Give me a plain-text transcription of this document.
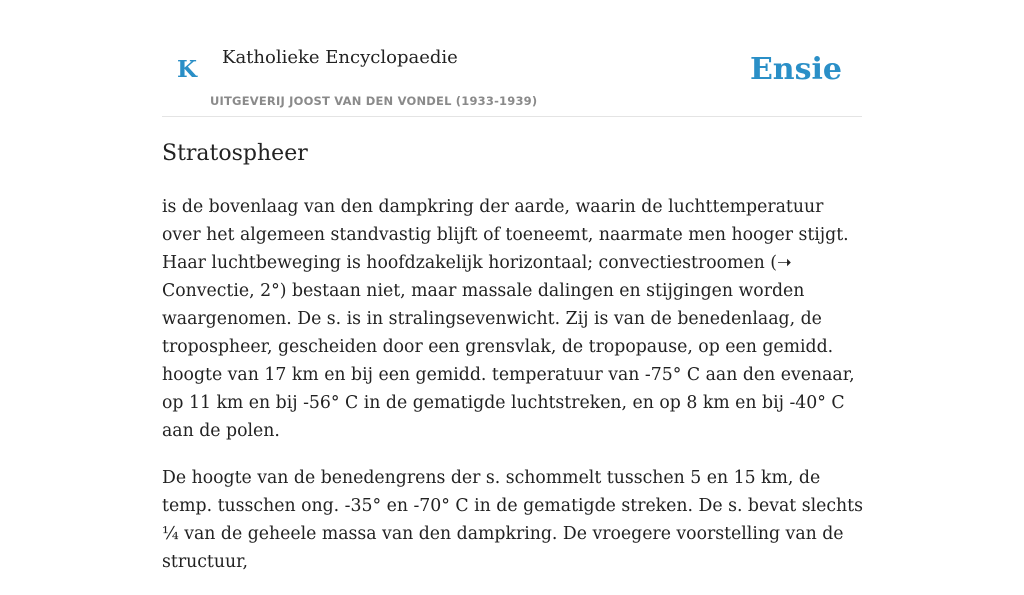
K Katholieke Encyclopaedie
UITGEVERIJ JOOST VAN DEN VONDEL (1933-1939)
Ensie
Stratospheer

is de bovenlaag van den dampkring der aarde, waarin de luchttemperatuur over het algemeen standvastig blijft of toeneemt, naarmate men hooger stijgt. Haar luchtbeweging is hoofdzakelijk horizontaal; convectiestroomen (➝ Convectie, 2°) bestaan niet, maar massale dalingen en stijgingen worden waargenomen. De s. is in stralingsevenwicht. Zij is van de benedenlaag, de tropospheer, gescheiden door een grensvlak, de tropopause, op een gemidd. hoogte van 17 km en bij een gemidd. temperatuur van -75° C aan den evenaar, op 11 km en bij -56° C in de gematigde luchtstreken, en op 8 km en bij -40° C aan de polen.

De hoogte van de benedengrens der s. schommelt tusschen 5 en 15 km, de temp. tusschen ong. -35° en -70° C in de gematigde streken. De s. bevat slechts ¼ van de geheele massa van den dampkring. De vroegere voorstelling van de structuur,
